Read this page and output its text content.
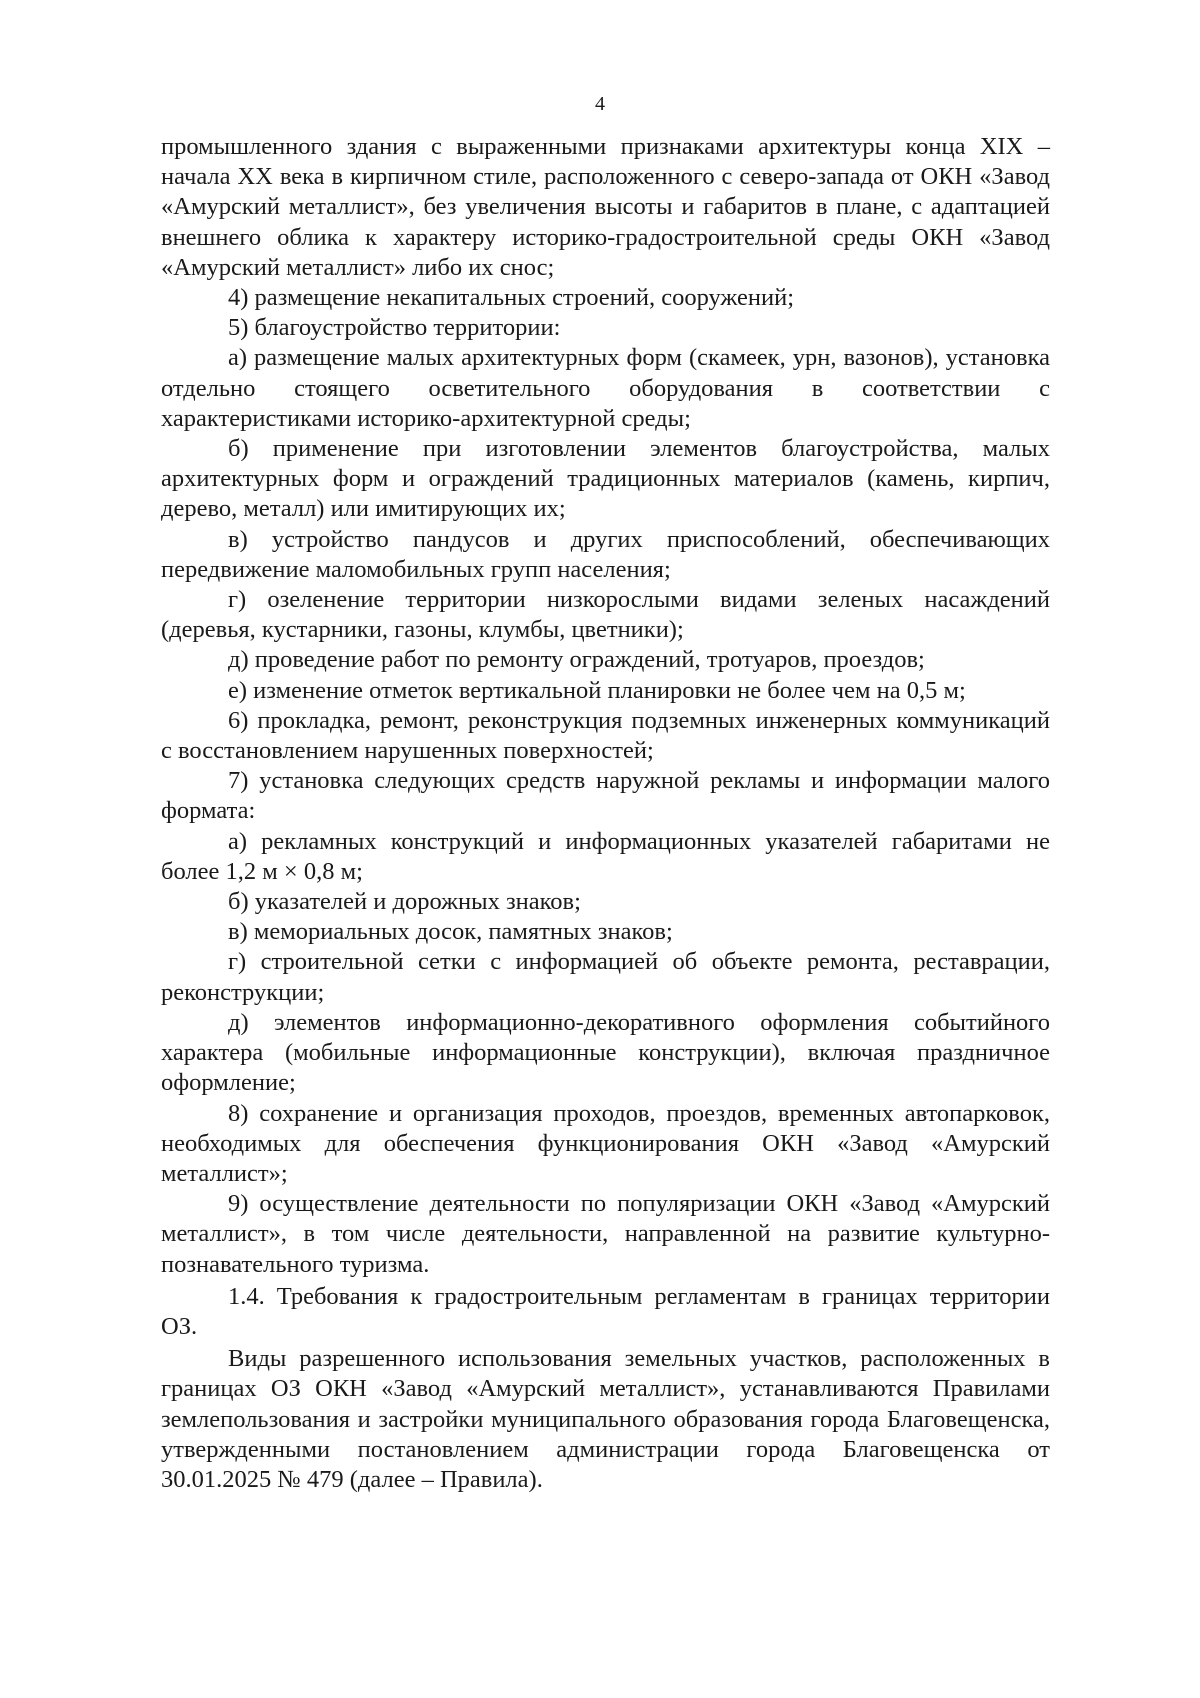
4

промышленного здания с выраженными признаками архитектуры конца XIX – начала XX века в кирпичном стиле, расположенного с северо-запада от ОКН «Завод «Амурский металлист», без увеличения высоты и габаритов в плане, с адаптацией внешнего облика к характеру историко-градостроительной среды ОКН «Завод «Амурский металлист» либо их снос;

4) размещение некапитальных строений, сооружений;

5) благоустройство территории:

а) размещение малых архитектурных форм (скамеек, урн, вазонов), установка отдельно стоящего осветительного оборудования в соответствии с характеристиками историко-архитектурной среды;

б) применение при изготовлении элементов благоустройства, малых архитектурных форм и ограждений традиционных материалов (камень, кирпич, дерево, металл) или имитирующих их;

в) устройство пандусов и других приспособлений, обеспечивающих передвижение маломобильных групп населения;

г) озеленение территории низкорослыми видами зеленых насаждений (деревья, кустарники, газоны, клумбы, цветники);

д) проведение работ по ремонту ограждений, тротуаров, проездов;

е) изменение отметок вертикальной планировки не более чем на 0,5 м;

6) прокладка, ремонт, реконструкция подземных инженерных коммуникаций с восстановлением нарушенных поверхностей;

7) установка следующих средств наружной рекламы и информации малого формата:

а) рекламных конструкций и информационных указателей габаритами не более 1,2 м × 0,8 м;

б) указателей и дорожных знаков;

в) мемориальных досок, памятных знаков;

г) строительной сетки с информацией об объекте ремонта, реставрации, реконструкции;

д) элементов информационно-декоративного оформления событийного характера (мобильные информационные конструкции), включая праздничное оформление;

8) сохранение и организация проходов, проездов, временных автопарковок, необходимых для обеспечения функционирования ОКН «Завод «Амурский металлист»;

9) осуществление деятельности по популяризации ОКН «Завод «Амурский металлист», в том числе деятельности, направленной на развитие культурно-познавательного туризма.

1.4. Требования к градостроительным регламентам в границах территории ОЗ.

Виды разрешенного использования земельных участков, расположенных в границах ОЗ ОКН «Завод «Амурский металлист», устанавливаются Правилами землепользования и застройки муниципального образования города Благовещенска, утвержденными постановлением администрации города Благовещенска от 30.01.2025 № 479 (далее – Правила).
